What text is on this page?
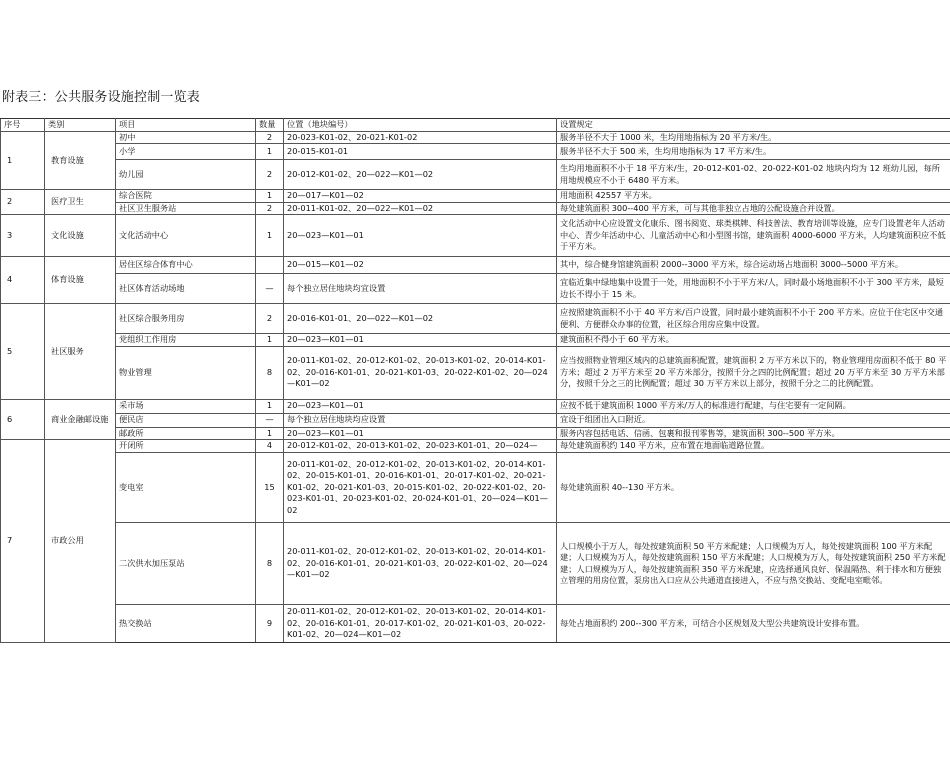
附表三：公共服务设施控制一览表
序号	类别	项目	数量	位置（地块编号）	设置规定
1	教育设施	初中	2	20-023-K01-02、20-021-K01-02	服务半径不大于 1000 米，生均用地指标为 20 平方米/生。
		小学	1	20-015-K01-01	服务半径不大于 500 米，生均用地指标为 17 平方米/生。
		幼儿园	2	20-012-K01-02、20—022—K01—02	生均用地面积不小于 18 平方米/生，20-012-K01-02、20-022-K01-02 地块内均为 12 班幼儿园，每所用地规模应不小于 6480 平方米。
2	医疗卫生	综合医院	1	20—017—K01—02	用地面积 42557 平方米。
		社区卫生服务站	2	20-011-K01-02、20—022—K01—02	每处建筑面积 300--400 平方米，可与其他非独立占地的公配设施合并设置。
3	文化设施	文化活动中心	1	20—023—K01—01	文化活动中心应设置文化康乐、图书阅览、球类棋牌、科技普法、教育培训等设施，应专门设置老年人活动中心、青少年活动中心、儿童活动中心和小型图书馆，建筑面积 4000-6000 平方米，人均建筑面积应不低于平方米。
4	体育设施	居住区综合体育中心		20—015—K01—02	其中，综合健身馆建筑面积 2000--3000 平方米，综合运动场占地面积 3000--5000 平方米。
		社区体育活动场地	—	每个独立居住地块均宜设置	宜临近集中绿地集中设置于一处，用地面积不小于平方米/人，同时最小场地面积不小于 300 平方米，最短边长不得小于 15 米。
5	社区服务	社区综合服务用房	2	20-016-K01-01、20—022—K01—02	应按照建筑面积不小于 40 平方米/百户设置，同时最小建筑面积不小于 200 平方米。应位于住宅区中交通便利、方便群众办事的位置，社区综合用房应集中设置。
		党组织工作用房	1	20—023—K01—01	建筑面积不得小于 60 平方米。
		物业管理	8	20-011-K01-02、20-012-K01-02、20-013-K01-02、20-014-K01-02、20-016-K01-01、20-021-K01-03、20-022-K01-02、20—024—K01—02	应当按照物业管理区域内的总建筑面积配置，建筑面积 2 万平方米以下的，物业管理用房面积不低于 80 平方米；超过 2 万平方米至 20 平方米部分，按照千分之四的比例配置；超过 20 万平方米至 30 万平方米部分，按照千分之三的比例配置；超过 30 万平方米以上部分，按照千分之二的比例配置。
6	商业金融邮设施	采市场	1	20—023—K01—01	应按不低于建筑面积 1000 平方米/万人的标准进行配建，与住宅要有一定间隔。
		便民店	—	每个独立居住地块均应设置	宜设于组团出入口附近。
		邮政所	1	20—023—K01—01	服务内容包括电话、信函、包裹和报刊零售等，建筑面积 300--500 平方米。
7	市政公用	开闭所	4	20-012-K01-02、20-013-K01-02、20-023-K01-01、20—024—	每处建筑面积约 140 平方米，应布置在地面临道路位置。
		变电室	15	20-011-K01-02、20-012-K01-02、20-013-K01-02、20-014-K01-02、20-015-K01-01、20-016-K01-01、20-017-K01-02、20-021-K01-02、20-021-K01-03、20-015-K01-02、20-022-K01-02、20-023-K01-01、20-023-K01-02、20-024-K01-01、20—024—K01—02	每处建筑面积 40--130 平方米。
		二次供水加压泵站	8	20-011-K01-02、20-012-K01-02、20-013-K01-02、20-014-K01-02、20-016-K01-01、20-021-K01-03、20-022-K01-02、20—024—K01—02	人口规模小于万人，每处按建筑面积 50 平方米配建；人口规模为万人，每处按建筑面积 100 平方米配建；人口规模为万人，每处按建筑面积 150 平方米配建；人口规模为万人，每处按建筑面积 250 平方米配建；人口规模为万人，每处按建筑面积 350 平方米配建，应选择通风良好、保温隔热、利于排水和方便独立管理的用房位置，泵房出入口应从公共通道直接进入，不应与热交换站、变配电室毗邻。
		热交换站	9	20-011-K01-02、20-012-K01-02、20-013-K01-02、20-014-K01-02、20-016-K01-01、20-017-K01-02、20-021-K01-03、20-022-K01-02、20—024—K01—02	每处占地面积约 200--300 平方米，可结合小区规划及大型公共建筑设计安排布置。
